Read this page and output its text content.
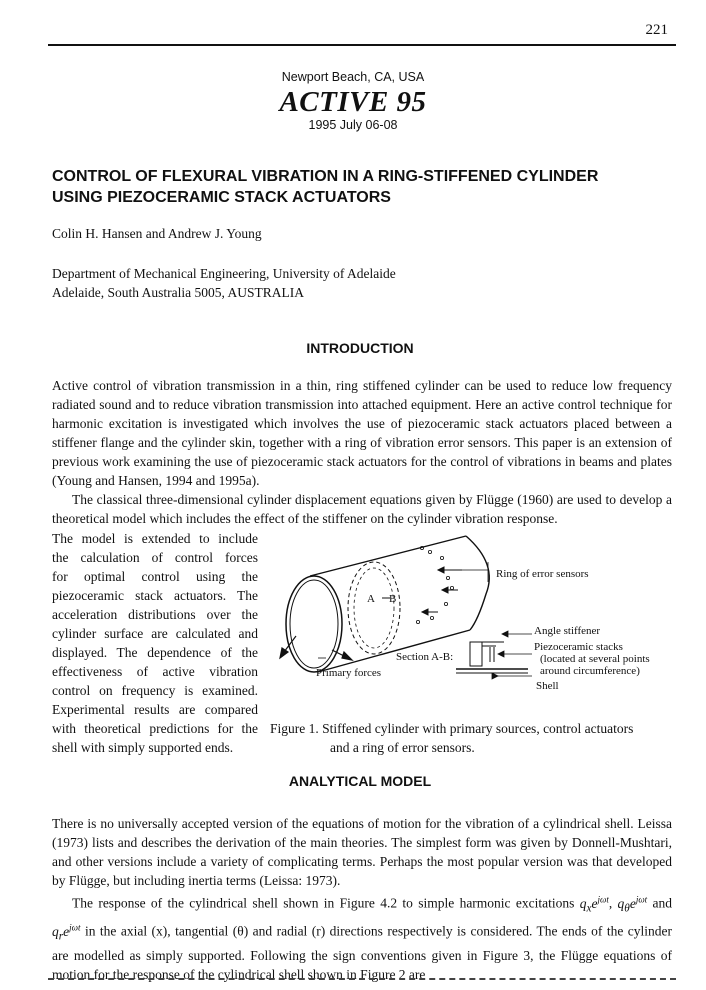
221
Newport Beach, CA, USA
ACTIVE 95
1995 July 06-08
CONTROL OF FLEXURAL VIBRATION IN A RING-STIFFENED CYLINDER
USING PIEZOCERAMIC STACK ACTUATORS
Colin H. Hansen and Andrew J. Young
Department of Mechanical Engineering, University of Adelaide
Adelaide, South Australia 5005, AUSTRALIA
INTRODUCTION
Active control of vibration transmission in a thin, ring stiffened cylinder can be used to reduce low frequency radiated sound and to reduce vibration transmission into attached equipment. Here an active control technique for harmonic excitation is investigated which involves the use of piezoceramic stack actuators placed between a stiffener flange and the cylinder skin, together with a ring of vibration error sensors. This paper is an extension of previous work examining the use of piezoceramic stack actuators for the control of vibrations in beams and plates (Young and Hansen, 1994 and 1995a).
The classical three-dimensional cylinder displacement equations given by Flügge (1960) are used to develop a theoretical model which includes the effect of the stiffener on the cylinder vibration response.
The model is extended to include
the calculation of control forces
for optimal control using the
piezoceramic stack actuators. The
acceleration distributions over the
cylinder surface are calculated and
displayed. The dependence of the
effectiveness of active vibration
control on frequency is examined.
Experimental results are compared
with theoretical predictions for the
shell with simply supported ends.
A B
Ring of error sensors
Primary forces
Section A-B:
Angle stiffener
Piezoceramic stacks
(located at several points
around circumference)
Shell
Figure 1. Stiffened cylinder with primary sources, control actuators
and a ring of error sensors.
ANALYTICAL MODEL
There is no universally accepted version of the equations of motion for the vibration of a cylindrical shell. Leissa (1973) lists and describes the derivation of the main theories. The simplest form was given by Donnell-Mushtari, and other versions include a variety of complicating terms. Perhaps the most popular version was that developed by Flügge, but including inertia terms (Leissa: 1973).
The response of the cylindrical shell shown in Figure 4.2 to simple harmonic excitations $q_xe^{j\omega t}$, $q_\theta e^{j\omega t}$ and $q_re^{j\omega t}$ in the axial (x), tangential (θ) and radial (r) directions respectively is considered. The ends of the cylinder are modelled as simply supported. Following the sign conventions given in Figure 3, the Flügge equations of motion for the response of the cylindrical shell shown in Figure 2 are
